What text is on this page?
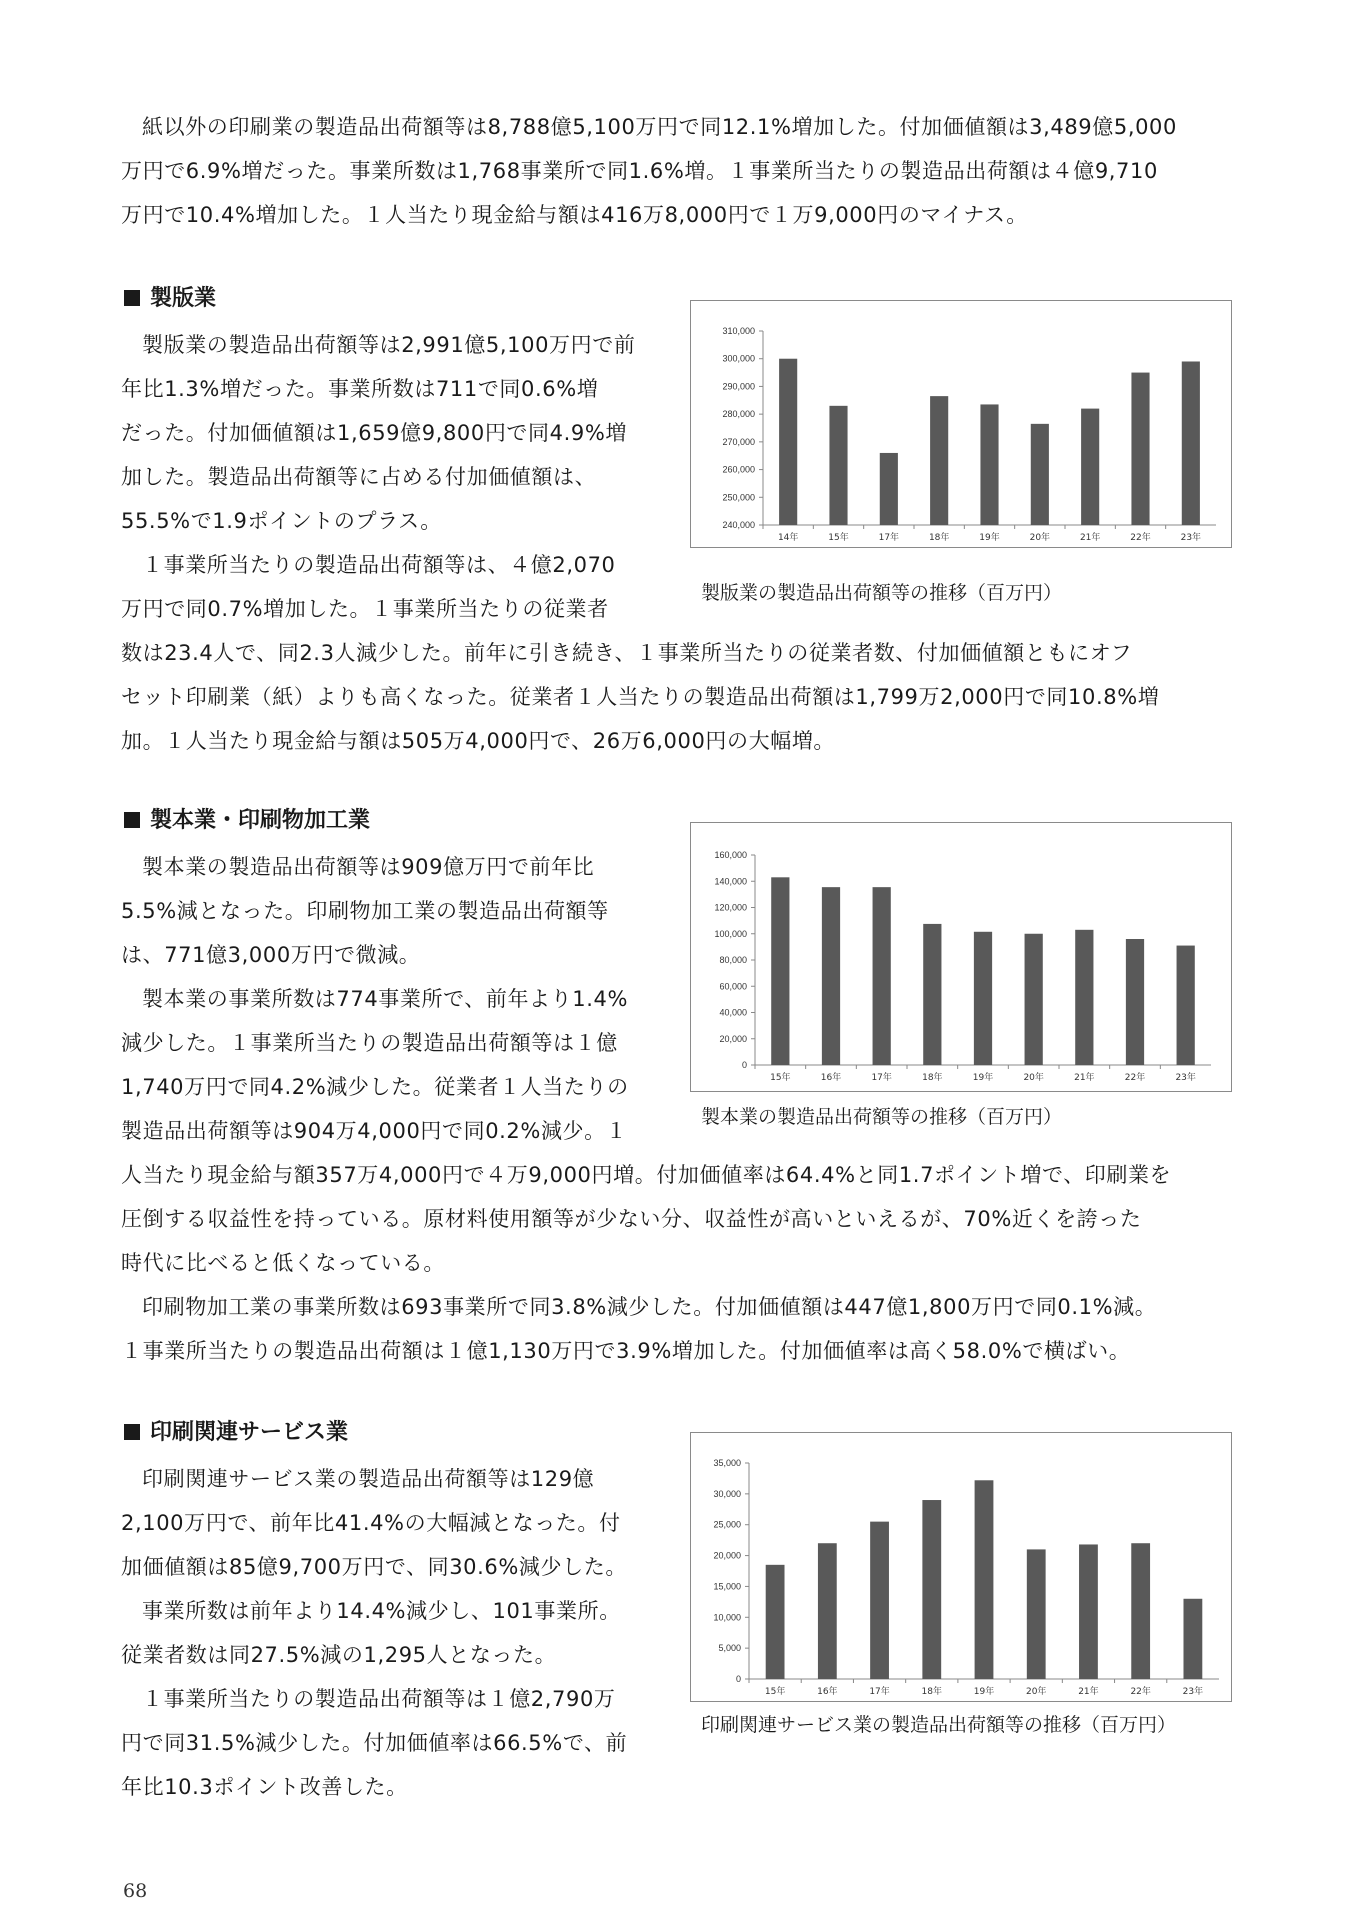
紙以外の印刷業の製造品出荷額等は8,788億5,100万円で同12.1%増加した。付加価値額は3,489億5,000

万円で6.9%増だった。事業所数は1,768事業所で同1.6%増。１事業所当たりの製造品出荷額は４億9,710

万円で10.4%増加した。１人当たり現金給与額は416万8,000円で１万9,000円のマイナス。

製版業

製版業の製造品出荷額等は2,991億5,100万円で前

年比1.3%増だった。事業所数は711で同0.6%増

だった。付加価値額は1,659億9,800円で同4.9%増

加した。製造品出荷額等に占める付加価値額は、

55.5%で1.9ポイントのプラス。

１事業所当たりの製造品出荷額等は、４億2,070

万円で同0.7%増加した。１事業所当たりの従業者

数は23.4人で、同2.3人減少した。前年に引き続き、１事業所当たりの従業者数、付加価値額ともにオフ

セット印刷業（紙）よりも高くなった。従業者１人当たりの製造品出荷額は1,799万2,000円で同10.8%増

加。１人当たり現金給与額は505万4,000円で、26万6,000円の大幅増。

240,000
250,000
260,000
270,000
280,000
290,000
300,000
310,000
14年	15年	17年	18年	19年	20年	21年	22年	23年

製版業の製造品出荷額等の推移（百万円）

製本業・印刷物加工業

製本業の製造品出荷額等は909億万円で前年比

5.5%減となった。印刷物加工業の製造品出荷額等

は、771億3,000万円で微減。

製本業の事業所数は774事業所で、前年より1.4%

減少した。１事業所当たりの製造品出荷額等は１億

1,740万円で同4.2%減少した。従業者１人当たりの

製造品出荷額等は904万4,000円で同0.2%減少。１

人当たり現金給与額357万4,000円で４万9,000円増。付加価値率は64.4%と同1.7ポイント増で、印刷業を

圧倒する収益性を持っている。原材料使用額等が少ない分、収益性が高いといえるが、70%近くを誇った

時代に比べると低くなっている。

印刷物加工業の事業所数は693事業所で同3.8%減少した。付加価値額は447億1,800万円で同0.1%減。

１事業所当たりの製造品出荷額は１億1,130万円で3.9%増加した。付加価値率は高く58.0%で横ばい。

0
20,000
40,000
60,000
80,000
100,000
120,000
140,000
160,000
15年	16年	17年	18年	19年	20年	21年	22年	23年

製本業の製造品出荷額等の推移（百万円）

印刷関連サービス業

印刷関連サービス業の製造品出荷額等は129億

2,100万円で、前年比41.4%の大幅減となった。付

加価値額は85億9,700万円で、同30.6%減少した。

事業所数は前年より14.4%減少し、101事業所。

従業者数は同27.5%減の1,295人となった。

１事業所当たりの製造品出荷額等は１億2,790万

円で同31.5%減少した。付加価値率は66.5%で、前

年比10.3ポイント改善した。

0
5,000
10,000
15,000
20,000
25,000
30,000
35,000
15年	16年	17年	18年	19年	20年	21年	22年	23年

印刷関連サービス業の製造品出荷額等の推移（百万円）

68
